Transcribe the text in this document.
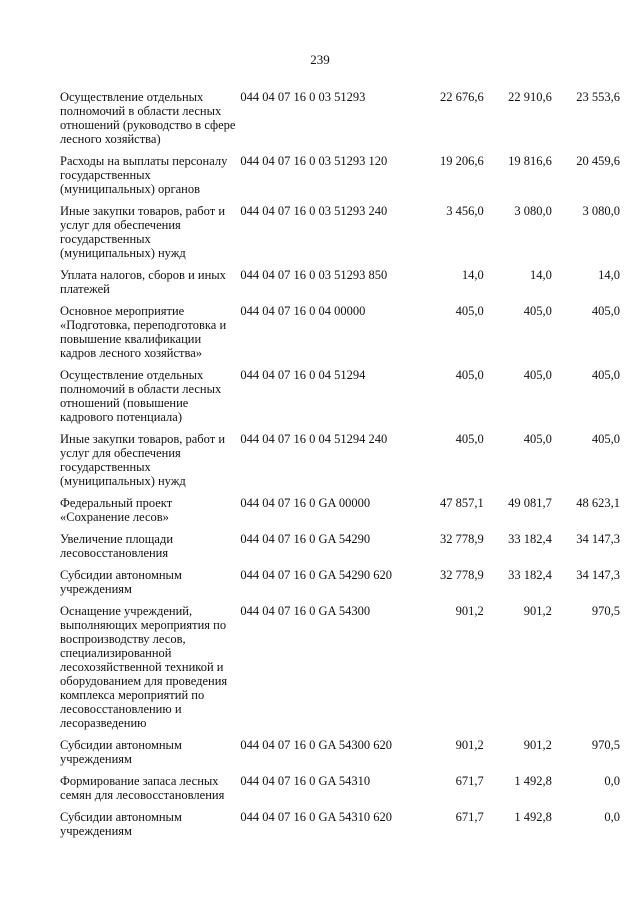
239
Осуществление отдельных полномочий в области лесных отношений (руководство в сфере лесного хозяйства)	044 04 07 16 0 03 51293	22 676,6	22 910,6	23 553,6
Расходы на выплаты персоналу государственных (муниципальных) органов	044 04 07 16 0 03 51293 120	19 206,6	19 816,6	20 459,6
Иные закупки товаров, работ и услуг для обеспечения государственных (муниципальных) нужд	044 04 07 16 0 03 51293 240	3 456,0	3 080,0	3 080,0
Уплата налогов, сборов и иных платежей	044 04 07 16 0 03 51293 850	14,0	14,0	14,0
Основное мероприятие «Подготовка, переподготовка и повышение квалификации кадров лесного хозяйства»	044 04 07 16 0 04 00000	405,0	405,0	405,0
Осуществление отдельных полномочий в области лесных отношений (повышение кадрового потенциала)	044 04 07 16 0 04 51294	405,0	405,0	405,0
Иные закупки товаров, работ и услуг для обеспечения государственных (муниципальных) нужд	044 04 07 16 0 04 51294 240	405,0	405,0	405,0
Федеральный проект «Сохранение лесов»	044 04 07 16 0 GA 00000	47 857,1	49 081,7	48 623,1
Увеличение площади лесовосстановления	044 04 07 16 0 GA 54290	32 778,9	33 182,4	34 147,3
Субсидии автономным учреждениям	044 04 07 16 0 GA 54290 620	32 778,9	33 182,4	34 147,3
Оснащение учреждений, выполняющих мероприятия по воспроизводству лесов, специализированной лесохозяйственной техникой и оборудованием для проведения комплекса мероприятий по лесовосстановлению и лесоразведению	044 04 07 16 0 GA 54300	901,2	901,2	970,5
Субсидии автономным учреждениям	044 04 07 16 0 GA 54300 620	901,2	901,2	970,5
Формирование запаса лесных семян для лесовосстановления	044 04 07 16 0 GA 54310	671,7	1 492,8	0,0
Субсидии автономным учреждениям	044 04 07 16 0 GA 54310 620	671,7	1 492,8	0,0
